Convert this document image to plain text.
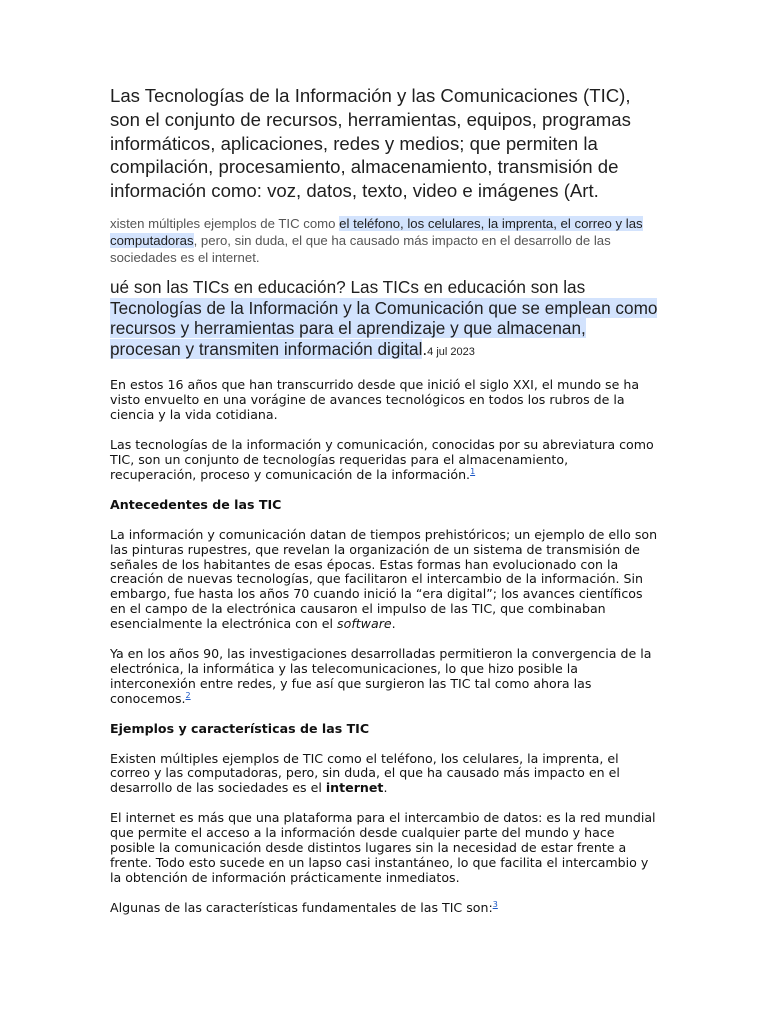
Las Tecnologías de la Información y las Comunicaciones (TIC), son el conjunto de recursos, herramientas, equipos, programas informáticos, aplicaciones, redes y medios; que permiten la compilación, procesamiento, almacenamiento, transmisión de información como: voz, datos, texto, video e imágenes (Art.

xisten múltiples ejemplos de TIC como el teléfono, los celulares, la imprenta, el correo y las computadoras, pero, sin duda, el que ha causado más impacto en el desarrollo de las sociedades es el internet.

ué son las TICs en educación? Las TICs en educación son las Tecnologías de la Información y la Comunicación que se emplean como recursos y herramientas para el aprendizaje y que almacenan, procesan y transmiten información digital.4 jul 2023

En estos 16 años que han transcurrido desde que inició el siglo XXI, el mundo se ha visto envuelto en una vorágine de avances tecnológicos en todos los rubros de la ciencia y la vida cotidiana.

Las tecnologías de la información y comunicación, conocidas por su abreviatura como TIC, son un conjunto de tecnologías requeridas para el almacenamiento, recuperación, proceso y comunicación de la información.$^1$

Antecedentes de las TIC

La información y comunicación datan de tiempos prehistóricos; un ejemplo de ello son las pinturas rupestres, que revelan la organización de un sistema de transmisión de señales de los habitantes de esas épocas. Estas formas han evolucionado con la creación de nuevas tecnologías, que facilitaron el intercambio de la información. Sin embargo, fue hasta los años 70 cuando inició la “era digital”; los avances científicos en el campo de la electrónica causaron el impulso de las TIC, que combinaban esencialmente la electrónica con el software.

Ya en los años 90, las investigaciones desarrolladas permitieron la convergencia de la electrónica, la informática y las telecomunicaciones, lo que hizo posible la interconexión entre redes, y fue así que surgieron las TIC tal como ahora las conocemos.$^2$

Ejemplos y características de las TIC

Existen múltiples ejemplos de TIC como el teléfono, los celulares, la imprenta, el correo y las computadoras, pero, sin duda, el que ha causado más impacto en el desarrollo de las sociedades es el internet.

El internet es más que una plataforma para el intercambio de datos: es la red mundial que permite el acceso a la información desde cualquier parte del mundo y hace posible la comunicación desde distintos lugares sin la necesidad de estar frente a frente. Todo esto sucede en un lapso casi instantáneo, lo que facilita el intercambio y la obtención de información prácticamente inmediatos.

Algunas de las características fundamentales de las TIC son:$^3$
